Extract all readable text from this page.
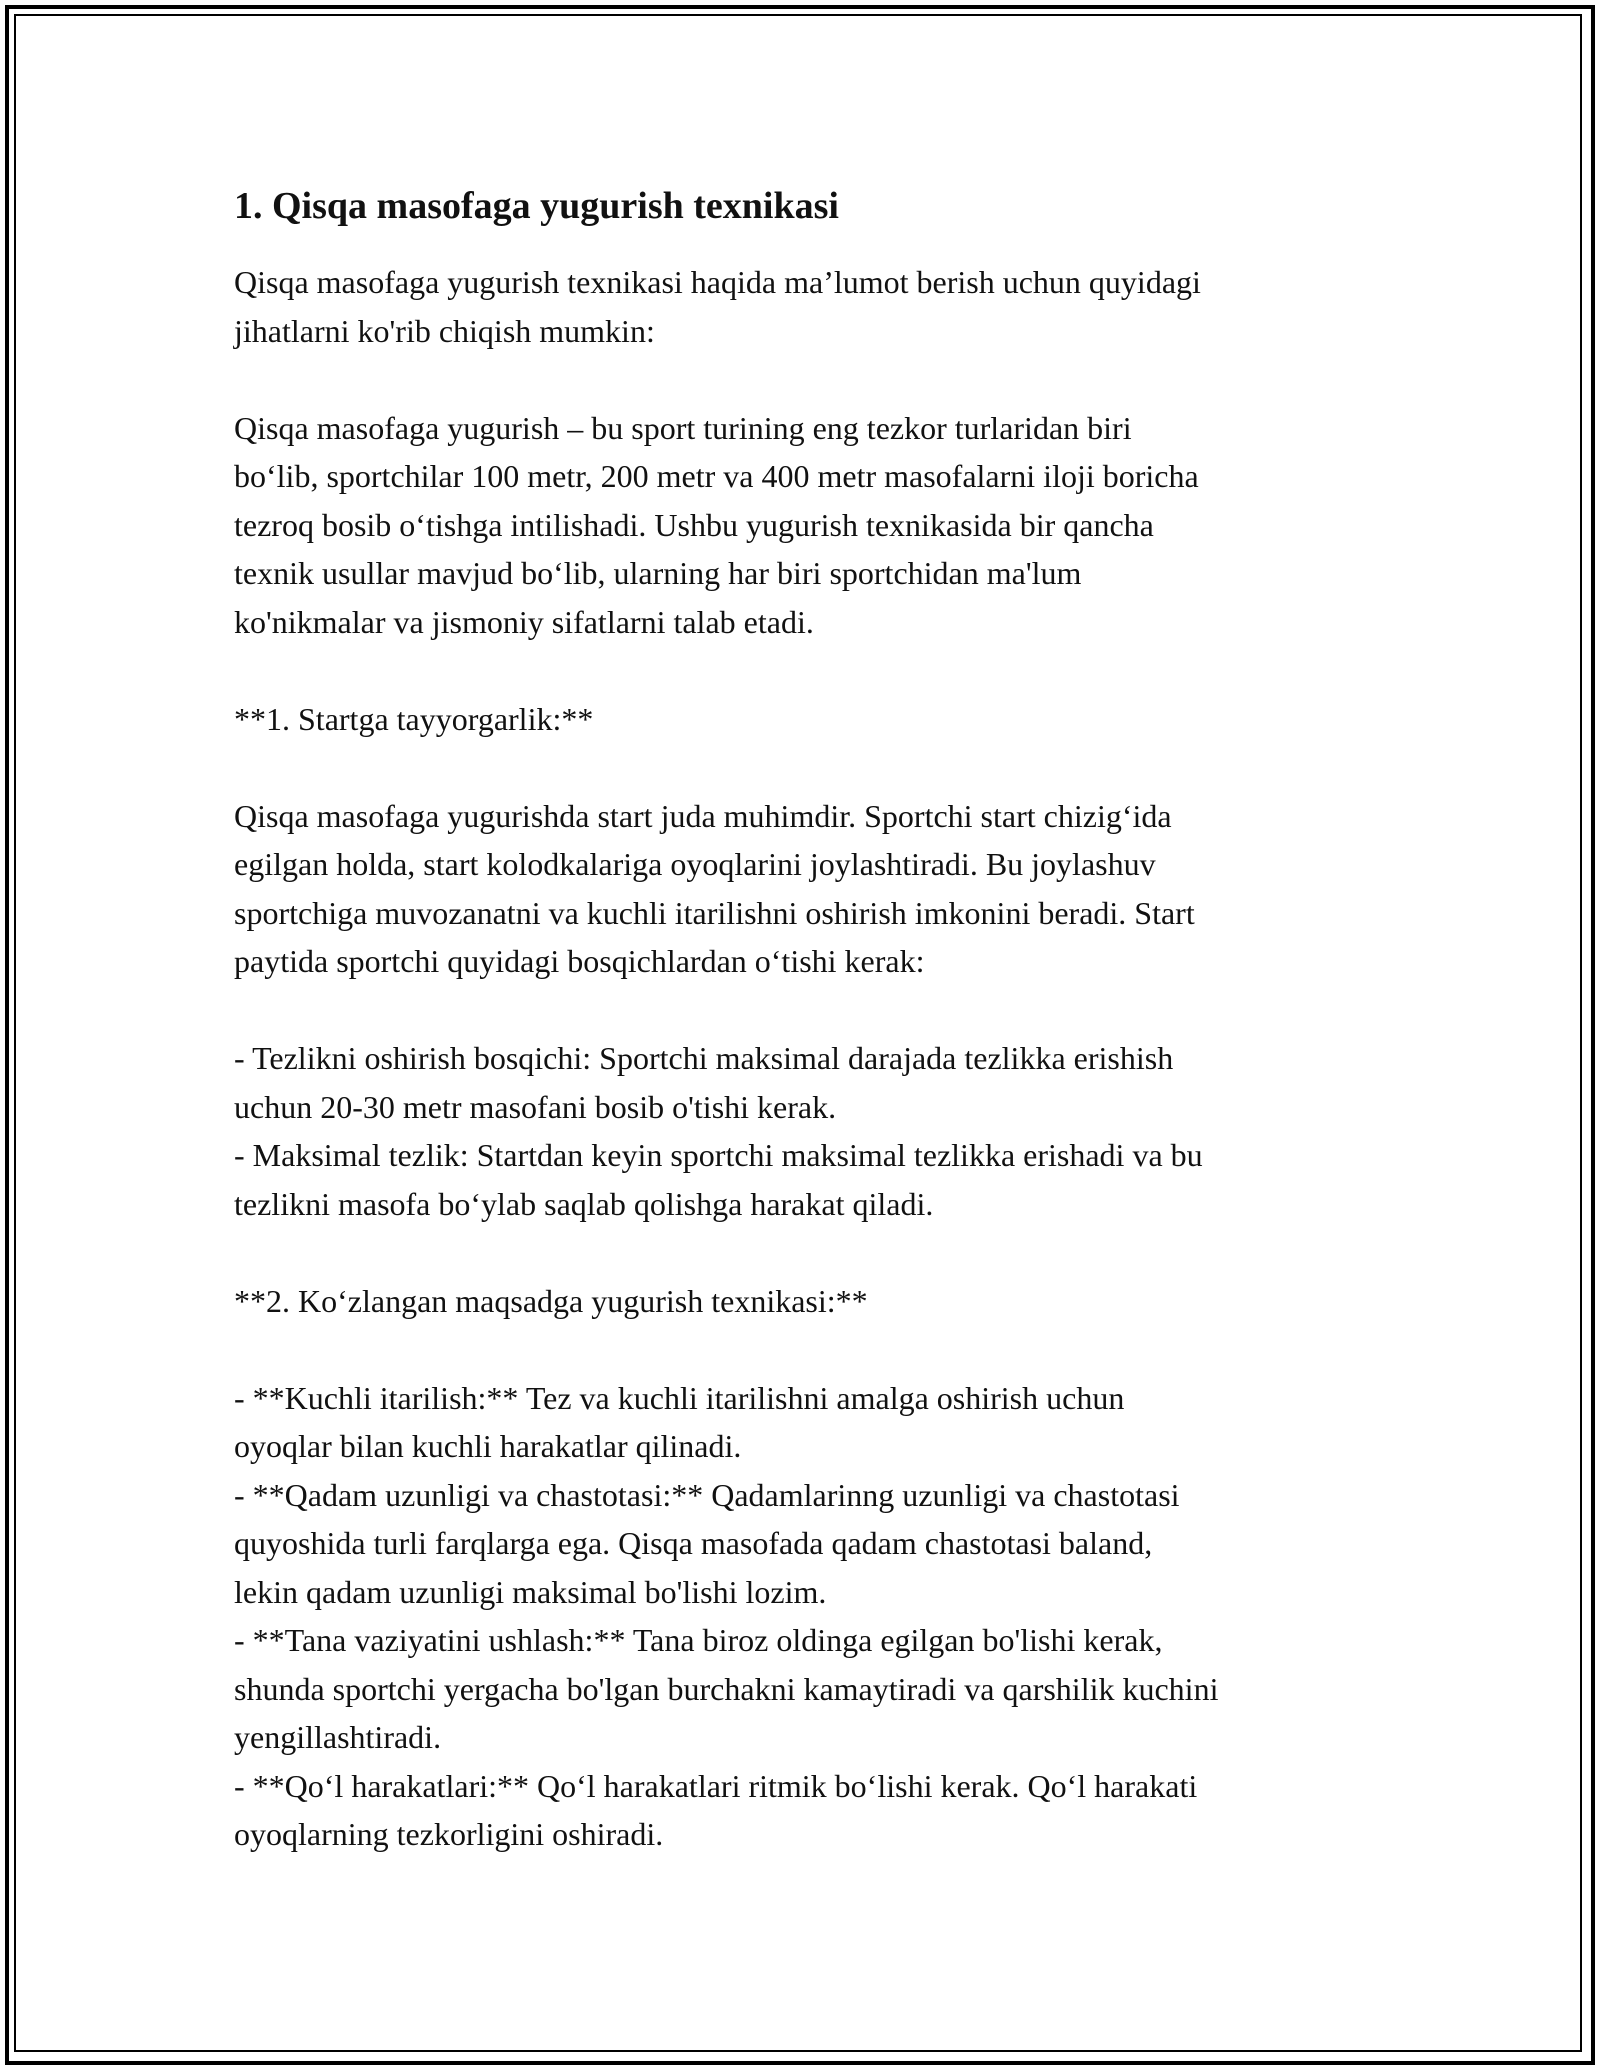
1. Qisqa masofaga yugurish texnikasi

Qisqa masofaga yugurish texnikasi haqida ma’lumot berish uchun quyidagi
jihatlarni ko'rib chiqish mumkin:

Qisqa masofaga yugurish – bu sport turining eng tezkor turlaridan biri
bo‘lib, sportchilar 100 metr, 200 metr va 400 metr masofalarni iloji boricha
tezroq bosib o‘tishga intilishadi. Ushbu yugurish texnikasida bir qancha
texnik usullar mavjud bo‘lib, ularning har biri sportchidan ma'lum
ko'nikmalar va jismoniy sifatlarni talab etadi.

**1. Startga tayyorgarlik:**

Qisqa masofaga yugurishda start juda muhimdir. Sportchi start chizig‘ida
egilgan holda, start kolodkalariga oyoqlarini joylashtiradi. Bu joylashuv
sportchiga muvozanatni va kuchli itarilishni oshirish imkonini beradi. Start
paytida sportchi quyidagi bosqichlardan o‘tishi kerak:

- Tezlikni oshirish bosqichi: Sportchi maksimal darajada tezlikka erishish
uchun 20-30 metr masofani bosib o'tishi kerak.
- Maksimal tezlik: Startdan keyin sportchi maksimal tezlikka erishadi va bu
tezlikni masofa bo‘ylab saqlab qolishga harakat qiladi.

**2. Ko‘zlangan maqsadga yugurish texnikasi:**

- **Kuchli itarilish:** Tez va kuchli itarilishni amalga oshirish uchun
oyoqlar bilan kuchli harakatlar qilinadi.
- **Qadam uzunligi va chastotasi:** Qadamlarinng uzunligi va chastotasi
quyoshida turli farqlarga ega. Qisqa masofada qadam chastotasi baland,
lekin qadam uzunligi maksimal bo'lishi lozim.
- **Tana vaziyatini ushlash:** Tana biroz oldinga egilgan bo'lishi kerak,
shunda sportchi yergacha bo'lgan burchakni kamaytiradi va qarshilik kuchini
yengillashtiradi.
- **Qo‘l harakatlari:** Qo‘l harakatlari ritmik bo‘lishi kerak. Qo‘l harakati
oyoqlarning tezkorligini oshiradi.
